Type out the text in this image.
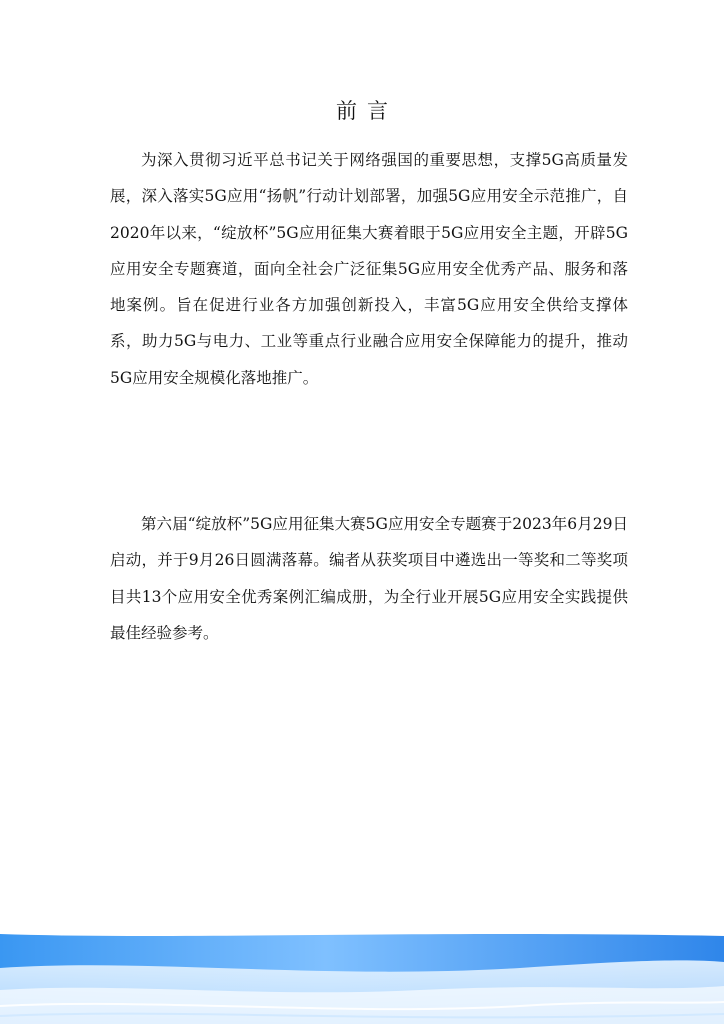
前言

为深入贯彻习近平总书记关于网络强国的重要思想，支撑5G高质量发展，深入落实5G应用“扬帆”行动计划部署，加强5G应用安全示范推广，自2020年以来，“绽放杯”5G应用征集大赛着眼于5G应用安全主题，开辟5G应用安全专题赛道，面向全社会广泛征集5G应用安全优秀产品、服务和落地案例。旨在促进行业各方加强创新投入，丰富5G应用安全供给支撑体系，助力5G与电力、工业等重点行业融合应用安全保障能力的提升，推动5G应用安全规模化落地推广。

第六届“绽放杯”5G应用征集大赛5G应用安全专题赛于2023年6月29日启动，并于9月26日圆满落幕。编者从获奖项目中遴选出一等奖和二等奖项目共13个应用安全优秀案例汇编成册，为全行业开展5G应用安全实践提供最佳经验参考。
